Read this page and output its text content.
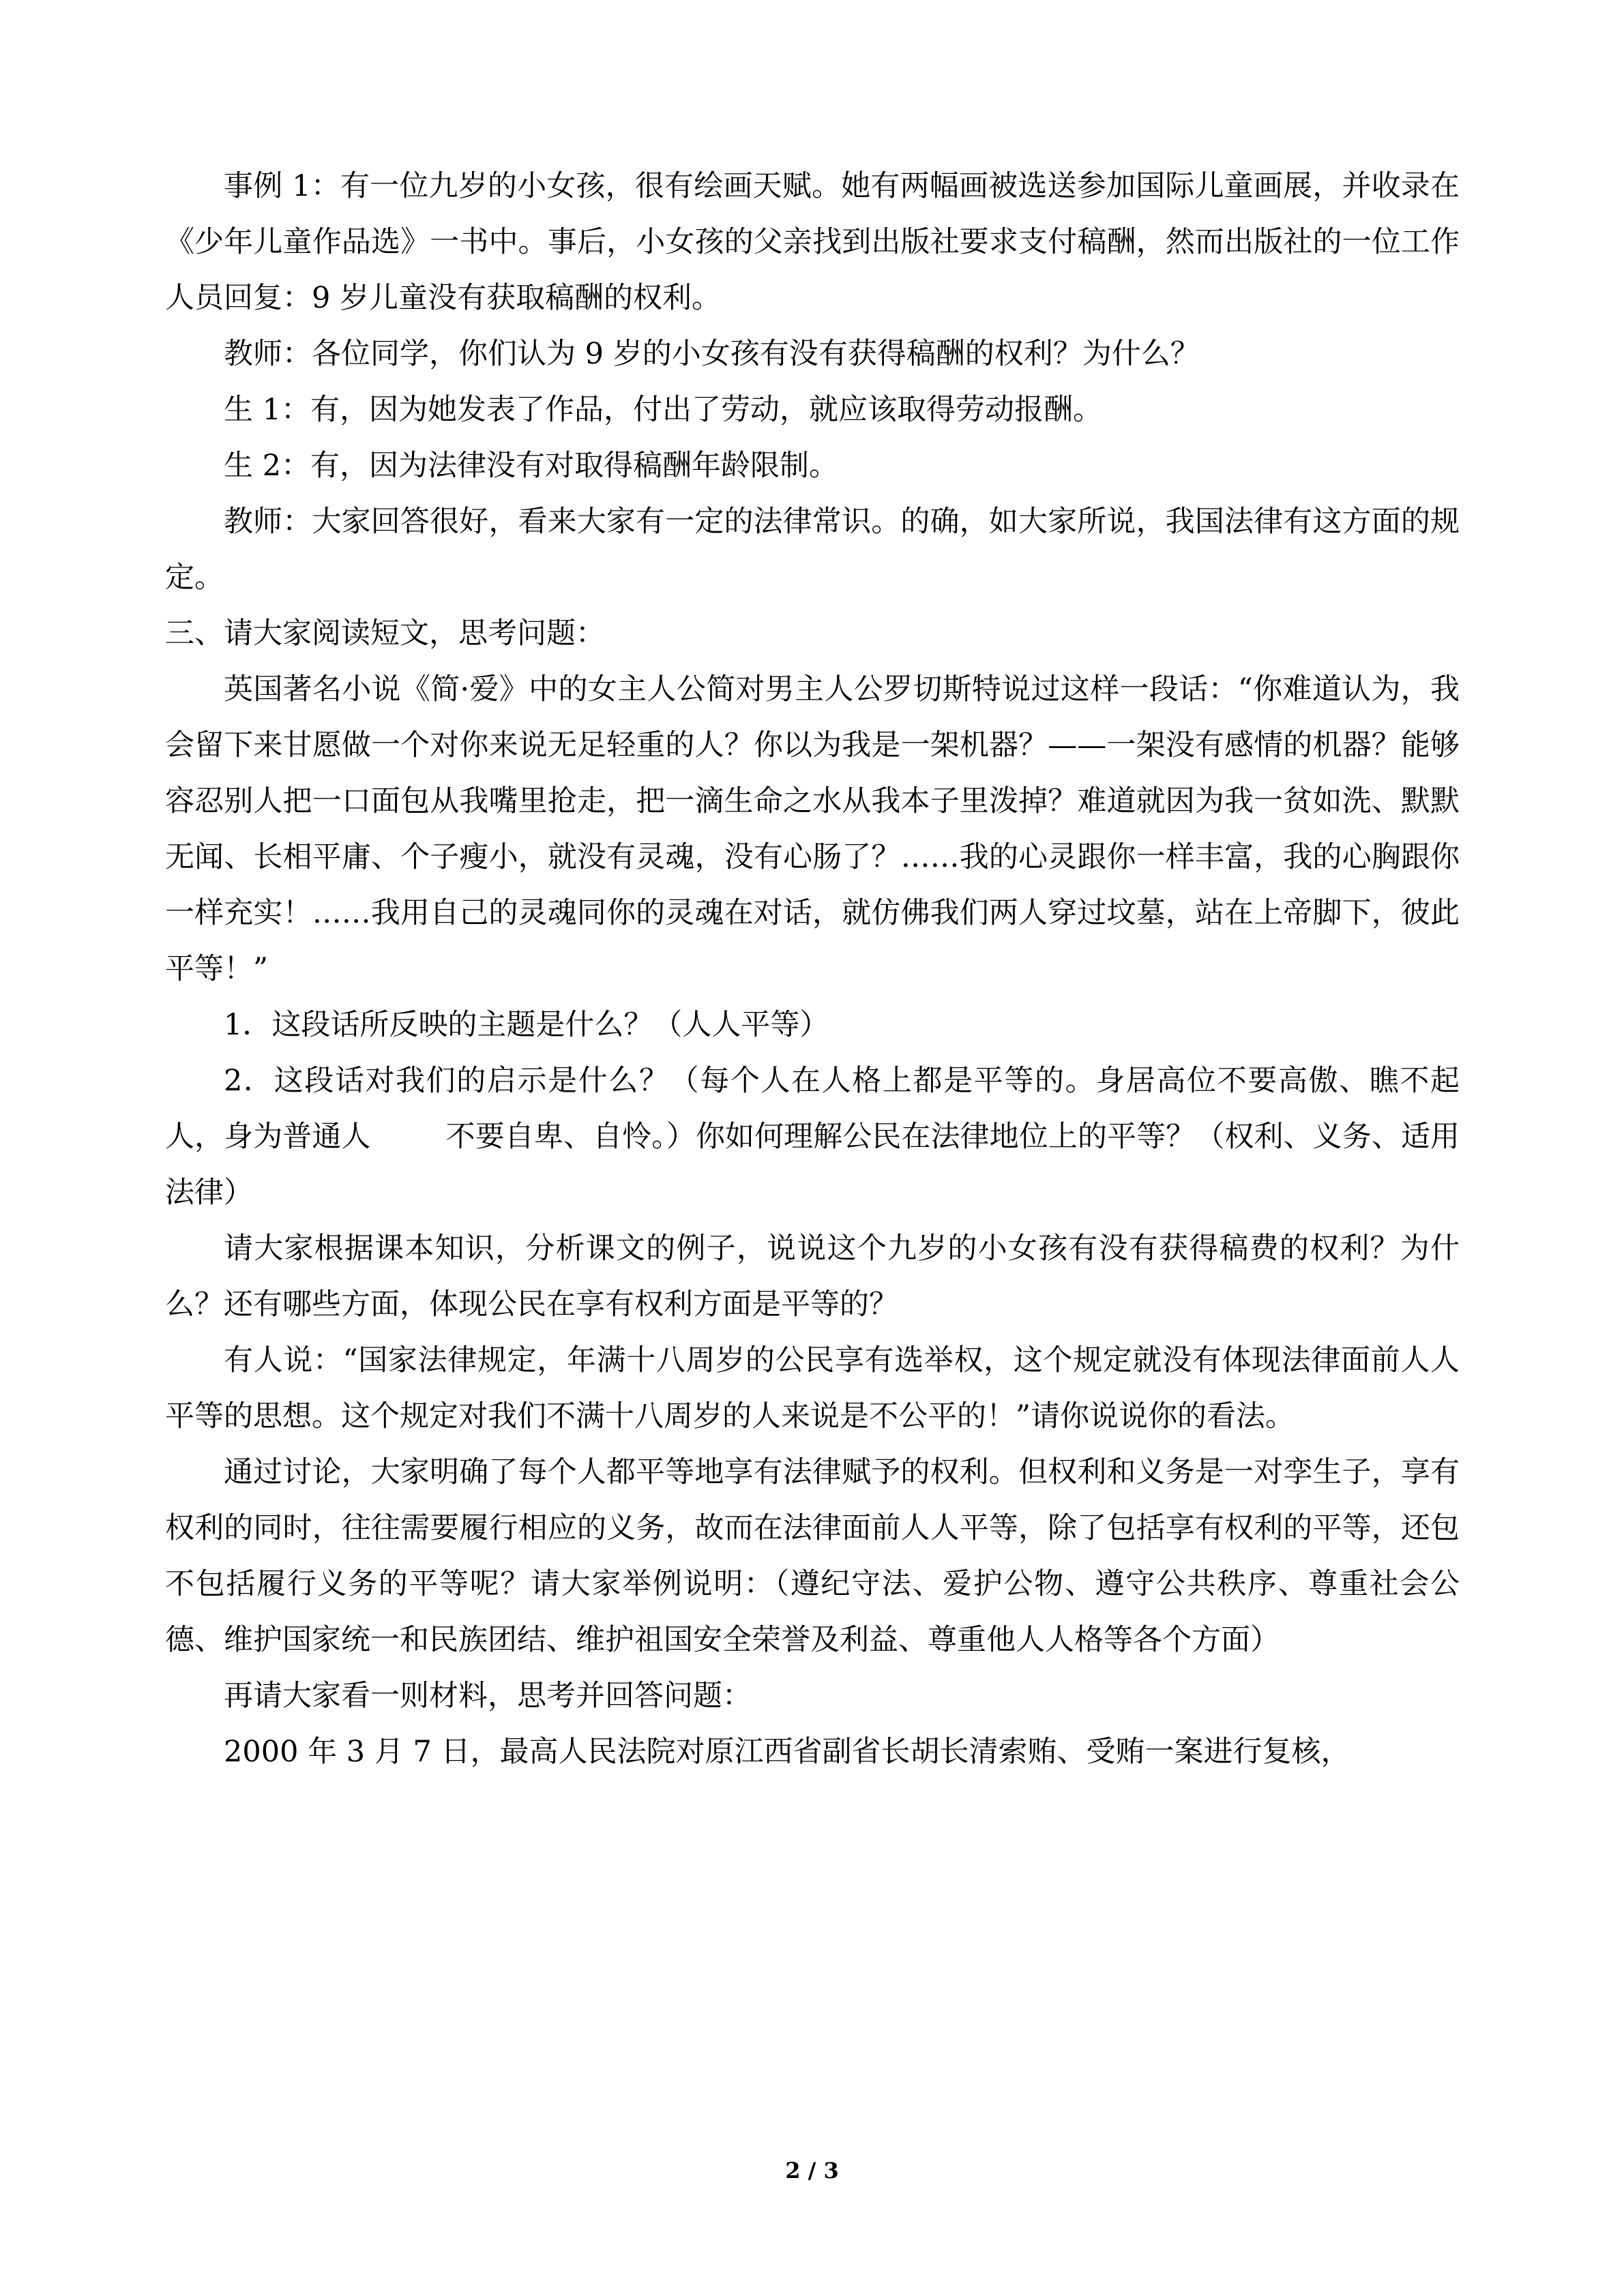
事例 1：有一位九岁的小女孩，很有绘画天赋。她有两幅画被选送参加国际儿童画展，并收录在《少年儿童作品选》一书中。事后，小女孩的父亲找到出版社要求支付稿酬，然而出版社的一位工作人员回复：9 岁儿童没有获取稿酬的权利。

教师：各位同学，你们认为 9 岁的小女孩有没有获得稿酬的权利？为什么？

生 1：有，因为她发表了作品，付出了劳动，就应该取得劳动报酬。

生 2：有，因为法律没有对取得稿酬年龄限制。

教师：大家回答很好，看来大家有一定的法律常识。的确，如大家所说，我国法律有这方面的规定。

三、请大家阅读短文，思考问题：

英国著名小说《简·爱》中的女主人公简对男主人公罗切斯特说过这样一段话：“你难道认为，我会留下来甘愿做一个对你来说无足轻重的人？你以为我是一架机器？——一架没有感情的机器？能够容忍别人把一口面包从我嘴里抢走，把一滴生命之水从我本子里泼掉？难道就因为我一贫如洗、默默无闻、长相平庸、个子瘦小，就没有灵魂，没有心肠了？……我的心灵跟你一样丰富，我的心胸跟你一样充实！……我用自己的灵魂同你的灵魂在对话，就仿佛我们两人穿过坟墓，站在上帝脚下，彼此平等！”

1．这段话所反映的主题是什么？（人人平等）

2．这段话对我们的启示是什么？（每个人在人格上都是平等的。身居高位不要高傲、瞧不起人，身为普通人	不要自卑、自怜。）你如何理解公民在法律地位上的平等？（权利、义务、适用法律）

请大家根据课本知识，分析课文的例子，说说这个九岁的小女孩有没有获得稿费的权利？为什么？还有哪些方面，体现公民在享有权利方面是平等的？

有人说：“国家法律规定，年满十八周岁的公民享有选举权，这个规定就没有体现法律面前人人平等的思想。这个规定对我们不满十八周岁的人来说是不公平的！”请你说说你的看法。

通过讨论，大家明确了每个人都平等地享有法律赋予的权利。但权利和义务是一对孪生子，享有权利的同时，往往需要履行相应的义务，故而在法律面前人人平等，除了包括享有权利的平等，还包不包括履行义务的平等呢？请大家举例说明：（遵纪守法、爱护公物、遵守公共秩序、尊重社会公德、维护国家统一和民族团结、维护祖国安全荣誉及利益、尊重他人人格等各个方面）

再请大家看一则材料，思考并回答问题：

2000 年 3 月 7 日，最高人民法院对原江西省副省长胡长清索贿、受贿一案进行复核，

2 / 3
